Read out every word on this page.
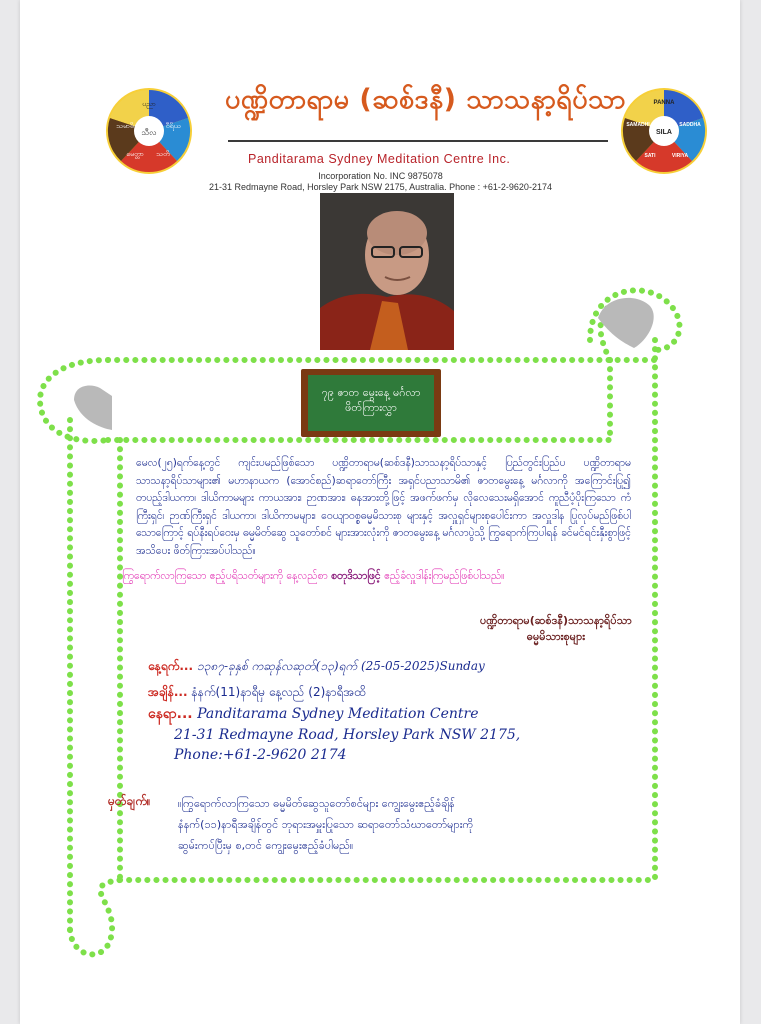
သီလ
ပညာ
ဝီရိယ
သမာဓိ
မေတ္တာ သတိ
SILA
PANNA
SADDHA
SAMADHI
SATI	VIRIYA
ပဏ္ဍိတာရာမ (ဆစ်ဒနီ) သာသနာ့ရိပ်သာ
Panditarama Sydney Meditation Centre Inc.
Incorporation No. INC 9875078
21-31 Redmayne Road, Horsley Park NSW 2175, Australia. Phone : +61-2-9620-2174
၇၉ ဇာတ မွေးနေ့ မင်္ဂလာ
ဖိတ်ကြားလွှာ
မေလ(၂၅)ရက်နေ့တွင် ကျင်းပမည်ဖြစ်သော ပဏ္ဍိတာရာမ(ဆစ်ဒနီ)သာသနာ့ရိပ်သာနှင့် ပြည်တွင်းပြည်ပ ပဏ္ဍိတာရာမ သာသနာ့ရိပ်သာများ၏ မဟာနာယက (အောင်စည်)ဆရာတော်ကြီး အရှင်ပညာသာမိ၏ ဇာတမွေးနေ့ မင်္ဂလာကို အကြောင်းပြု၍ တပည့်ဒါယကာ၊ ဒါယိကာမများ ကာယအား၊ ဉာဏအား၊ ဓနအားတို့ဖြင့် အဖက်ဖက်မှ လိုလေသေးမရှိအောင် ကူညီပံ့ပိုးကြသော ကံကြီးရှင်၊ ဉာဏ်ကြီးရှင် ဒါယကာ၊ ဒါယိကာမများ၊ ဝေယျာဝစ္စဓမ္မမိသားစု များနှင့် အလှူရှင်များစုပေါင်းကာ အလှူဒါန ပြုလုပ်မည်ဖြစ်ပါသောကြောင့် ရပ်နီးရပ်ဝေးမှ ဓမ္မမိတ်ဆွေ သူတော်စင် များအားလုံးကို ဇာတမွေးနေ့ မင်္ဂလာပွဲသို့ ကြွရောက်ကြပါရန် ခင်မင်ရင်းနှီးစွာဖြင့် အသိပေး ဖိတ်ကြားအပ်ပါသည်။
ကြွရောက်လာကြသော ဧည့်ပရိသတ်များကို နေ့လည်စာ စတုဒိသာဖြင့် ဧည့်ခံလှူဒါန်းကြမည်ဖြစ်ပါသည်။
ပဏ္ဍိတာရာမ(ဆစ်ဒနီ)သာသနာ့ရိပ်သာ
ဓမ္မမိသားစုများ
နေ့ရက်... ၁၃၈၇-ခုနှစ် ကဆုန်လဆုတ်(၁၃)ရက် (25-05-2025)Sunday
အချိန်... နံနက်(11)နာရီမှ နေ့လည် (2)နာရီအထိ
နေရာ... Panditarama Sydney Meditation Centre
21-31 Redmayne Road, Horsley Park NSW 2175,
Phone:+61-2-9620 2174
မှတ်ချက်။ ။ကြွရောက်လာကြသော ဓမ္မမိတ်ဆွေသူတော်စင်များ ကျွေးမွေးဧည့်ခံချိန်
နံနက်(၁၁)နာရီအချိန်တွင် ဘုရားအမှူးပြုသော ဆရာတော်သံဃာတော်များကို
ဆွမ်းကပ်ပြီးမှ စ,တင် ကျွေးမွေးဧည့်ခံပါမည်။
